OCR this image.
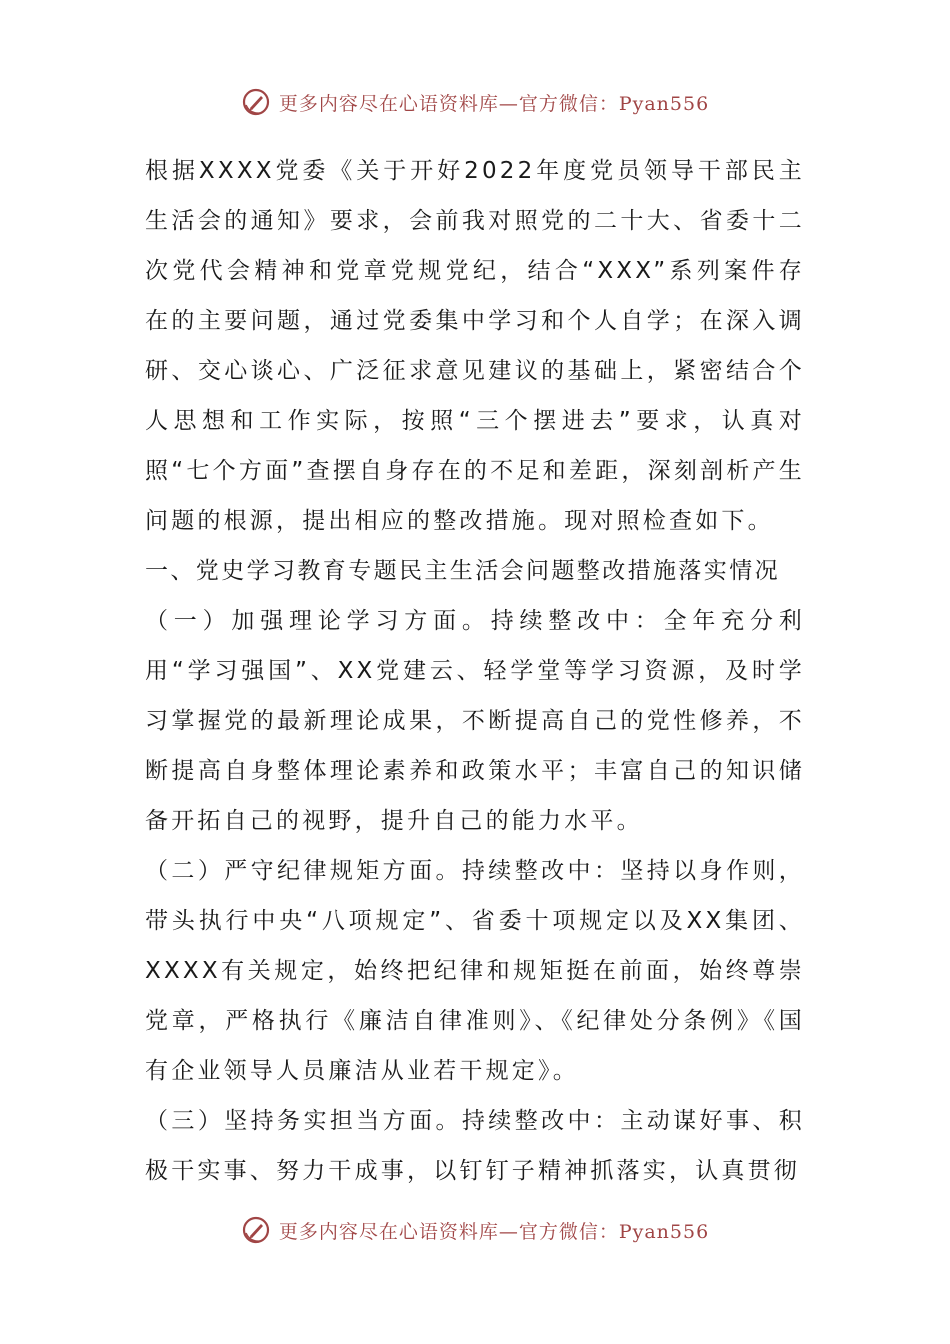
更多内容尽在心语资料库—官方微信：Pyan556

根据XXXX党委《关于开好2022年度党员领导干部民主生活会的通知》要求，会前我对照党的二十大、省委十二次党代会精神和党章党规党纪，结合“XXX”系列案件存在的主要问题，通过党委集中学习和个人自学；在深入调研、交心谈心、广泛征求意见建议的基础上，紧密结合个人思想和工作实际，按照“三个摆进去”要求，认真对照“七个方面”查摆自身存在的不足和差距，深刻剖析产生问题的根源，提出相应的整改措施。现对照检查如下。

一、党史学习教育专题民主生活会问题整改措施落实情况

（一）加强理论学习方面。持续整改中：全年充分利用“学习强国”、XX党建云、轻学堂等学习资源，及时学习掌握党的最新理论成果，不断提高自己的党性修养，不断提高自身整体理论素养和政策水平；丰富自己的知识储备开拓自己的视野，提升自己的能力水平。

（二）严守纪律规矩方面。持续整改中：坚持以身作则，带头执行中央“八项规定”、省委十项规定以及XX集团、XXXX有关规定，始终把纪律和规矩挺在前面，始终尊崇党章，严格执行《廉洁自律准则》、《纪律处分条例》《国有企业领导人员廉洁从业若干规定》。

（三）坚持务实担当方面。持续整改中：主动谋好事、积极干实事、努力干成事，以钉钉子精神抓落实，认真贯彻

更多内容尽在心语资料库—官方微信：Pyan556
